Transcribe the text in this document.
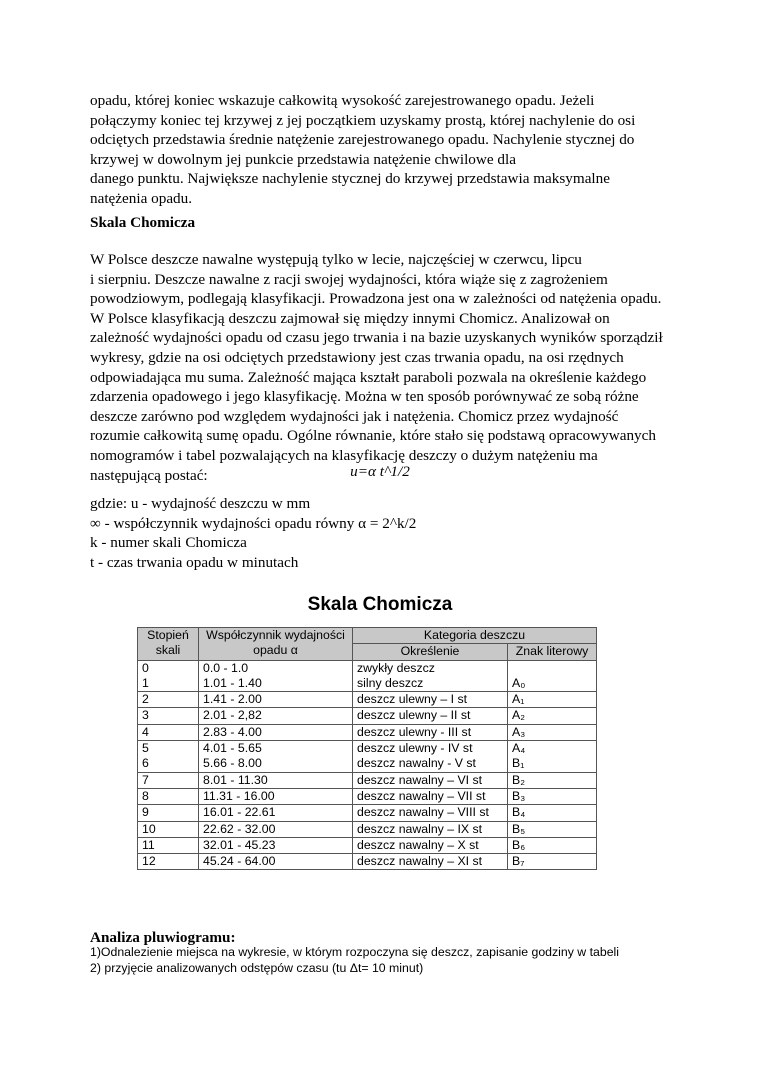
opadu, której koniec wskazuje całkowitą wysokość zarejestrowanego opadu. Jeżeli
połączymy koniec tej krzywej z jej początkiem uzyskamy prostą, której nachylenie do osi
odciętych przedstawia średnie natężenie zarejestrowanego opadu. Nachylenie stycznej do
krzywej w dowolnym jej punkcie przedstawia natężenie chwilowe dla
danego punktu. Największe nachylenie stycznej do krzywej przedstawia maksymalne
natężenia opadu.
Skala Chomicza
W Polsce deszcze nawalne występują tylko w lecie, najczęściej w czerwcu, lipcu
i sierpniu. Deszcze nawalne z racji swojej wydajności, która wiąże się z zagrożeniem
powodziowym, podlegają klasyfikacji. Prowadzona jest ona w zależności od natężenia opadu.
W Polsce klasyfikacją deszczu zajmował się między innymi Chomicz. Analizował on
zależność wydajności opadu od czasu jego trwania i na bazie uzyskanych wyników sporządził
wykresy, gdzie na osi odciętych przedstawiony jest czas trwania opadu, na osi rzędnych
odpowiadająca mu suma. Zależność mająca kształt paraboli pozwala na określenie każdego
zdarzenia opadowego i jego klasyfikację. Można w ten sposób porównywać ze sobą różne
deszcze zarówno pod względem wydajności jak i natężenia. Chomicz przez wydajność
rozumie całkowitą sumę opadu. Ogólne równanie, które stało się podstawą opracowywanych
nomogramów i tabel pozwalających na klasyfikację deszczy o dużym natężeniu ma
następującą postać:	u=α t^1/2
gdzie: u - wydajność deszczu w mm
∞ - współczynnik wydajności opadu równy α = 2^k/2
k - numer skali Chomicza
t - czas trwania opadu w minutach
Skala Chomicza
Stopień skali	Współczynnik wydajności opadu α	Kategoria deszczu	
		Określenie	Znak literowy
0	0.0 - 1.0	zwykły deszcz	
1	1.01 - 1.40	silny deszcz	A₀
2	1.41 - 2.00	deszcz ulewny – I st	A₁
3	2.01 - 2,82	deszcz ulewny – II st	A₂
4	2.83 - 4.00	deszcz ulewny - III st	A₃
5	4.01 - 5.65	deszcz ulewny - IV st	A₄
6	5.66 - 8.00	deszcz nawalny - V st	B₁
7	8.01 - 11.30	deszcz nawalny – VI st	B₂
8	11.31 - 16.00	deszcz nawalny – VII st	B₃
9	16.01 - 22.61	deszcz nawalny – VIII st	B₄
10	22.62 - 32.00	deszcz nawalny – IX st	B₅
11	32.01 - 45.23	deszcz nawalny – X st	B₆
12	45.24 - 64.00	deszcz nawalny – XI st	B₇
Analiza pluwiogramu:
1)Odnalezienie miejsca na wykresie, w którym rozpoczyna się deszcz, zapisanie godziny w tabeli
2) przyjęcie analizowanych odstępów czasu (tu Δt= 10 minut)
